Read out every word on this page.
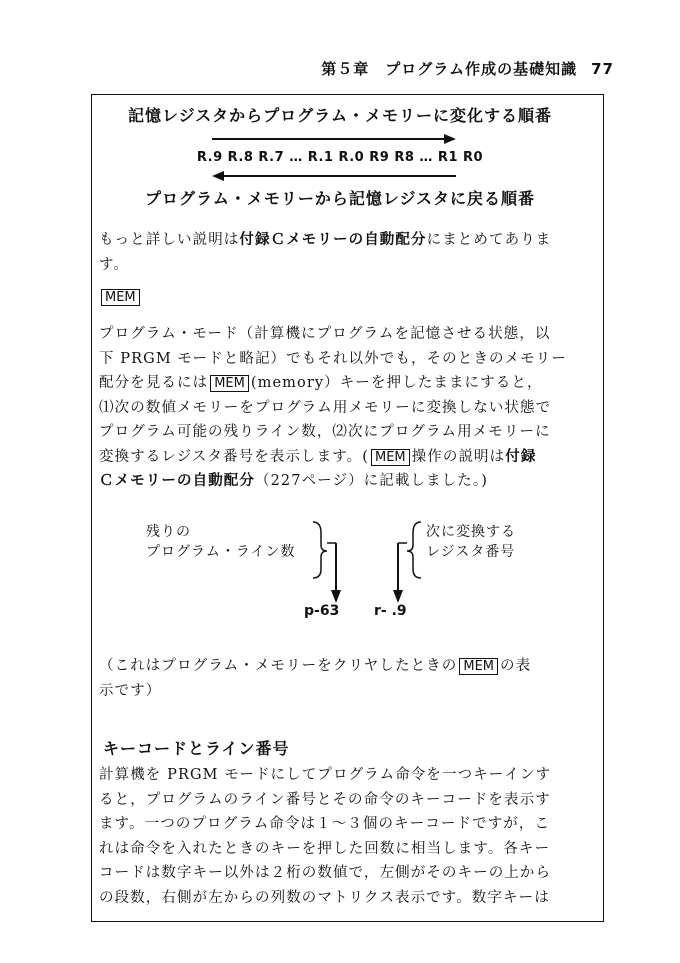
第５章　プログラム作成の基礎知識 77
記憶レジスタからプログラム・メモリーに変化する順番
R.9 R.8 R.7 … R.1 R.0 R9 R8 … R1 R0
プログラム・メモリーから記憶レジスタに戻る順番

もっと詳しい説明は付録Ｃメモリーの自動配分にまとめてありま
す。

MEM

プログラム・モード（計算機にプログラムを記憶させる状態，以
下 PRGM モードと略記）でもそれ以外でも，そのときのメモリー
配分を見るには MEM (memory）キーを押したままにすると，
⑴次の数値メモリーをプログラム用メモリーに変換しない状態で
プログラム可能の残りライン数，⑵次にプログラム用メモリーに
変換するレジスタ番号を表示します。( MEM 操作の説明は付録
Ｃメモリーの自動配分（227ページ）に記載しました。)

残りの
プログラム・ライン数

次に変換する
レジスタ番号

p-63 r- .9

（これはプログラム・メモリーをクリヤしたときの MEM の表
示です）

キーコードとライン番号

計算機を PRGM モードにしてプログラム命令を一つキーインす
ると，プログラムのライン番号とその命令のキーコードを表示す
ます。一つのプログラム命令は１～３個のキーコードですが，こ
れは命令を入れたときのキーを押した回数に相当します。各キー
コードは数字キー以外は２桁の数値で，左側がそのキーの上から
の段数，右側が左からの列数のマトリクス表示です。数字キーは
